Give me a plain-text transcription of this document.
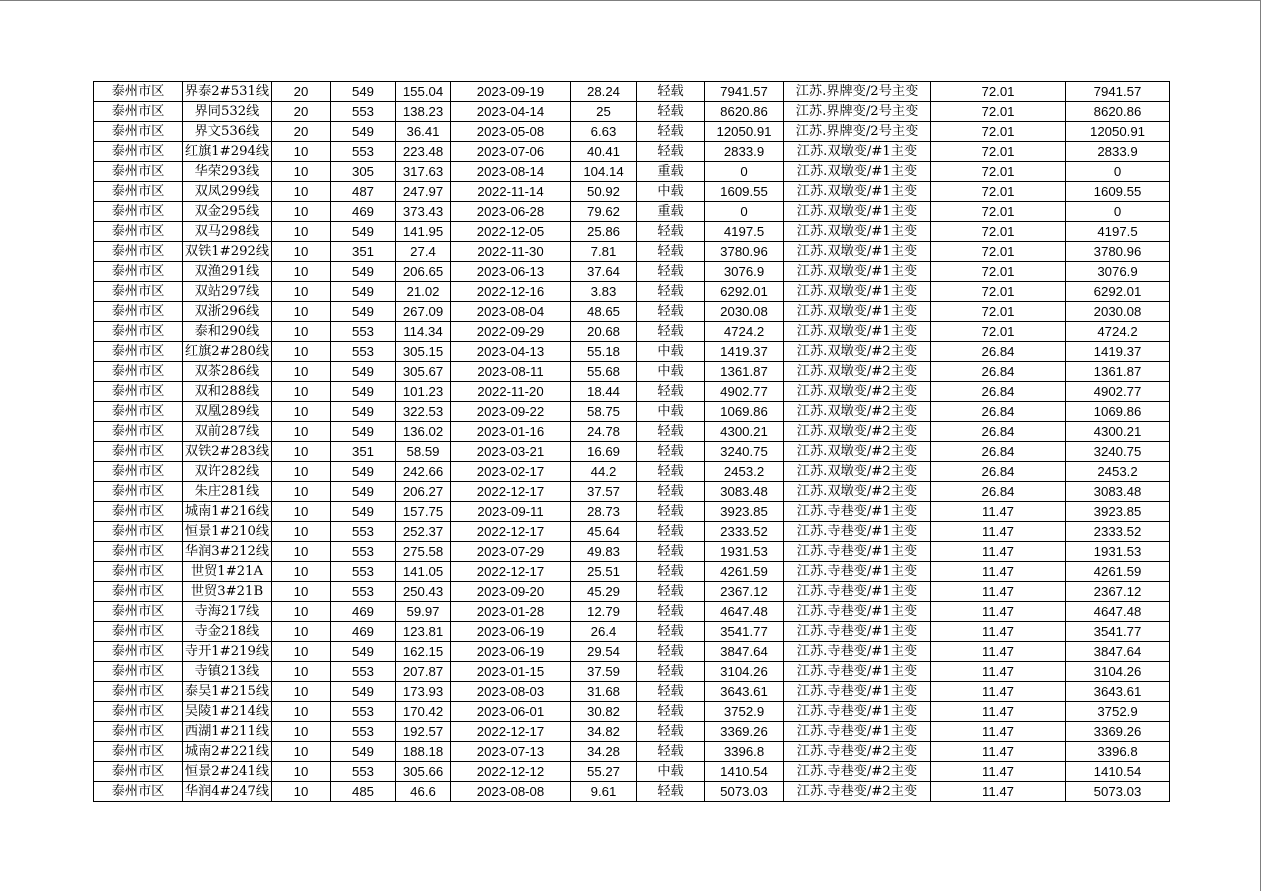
泰州市区	界泰2#531线	20	549	155.04	2023-09-19	28.24	轻载	7941.57	江苏.界牌变/2号主变	72.01	7941.57
泰州市区	界同532线	20	553	138.23	2023-04-14	25	轻载	8620.86	江苏.界牌变/2号主变	72.01	8620.86
泰州市区	界文536线	20	549	36.41	2023-05-08	6.63	轻载	12050.91	江苏.界牌变/2号主变	72.01	12050.91
泰州市区	红旗1#294线	10	553	223.48	2023-07-06	40.41	轻载	2833.9	江苏.双墩变/#1主变	72.01	2833.9
泰州市区	华荣293线	10	305	317.63	2023-08-14	104.14	重载	0	江苏.双墩变/#1主变	72.01	0
泰州市区	双凤299线	10	487	247.97	2022-11-14	50.92	中载	1609.55	江苏.双墩变/#1主变	72.01	1609.55
泰州市区	双金295线	10	469	373.43	2023-06-28	79.62	重载	0	江苏.双墩变/#1主变	72.01	0
泰州市区	双马298线	10	549	141.95	2022-12-05	25.86	轻载	4197.5	江苏.双墩变/#1主变	72.01	4197.5
泰州市区	双铁1#292线	10	351	27.4	2022-11-30	7.81	轻载	3780.96	江苏.双墩变/#1主变	72.01	3780.96
泰州市区	双渔291线	10	549	206.65	2023-06-13	37.64	轻载	3076.9	江苏.双墩变/#1主变	72.01	3076.9
泰州市区	双站297线	10	549	21.02	2022-12-16	3.83	轻载	6292.01	江苏.双墩变/#1主变	72.01	6292.01
泰州市区	双浙296线	10	549	267.09	2023-08-04	48.65	轻载	2030.08	江苏.双墩变/#1主变	72.01	2030.08
泰州市区	泰和290线	10	553	114.34	2022-09-29	20.68	轻载	4724.2	江苏.双墩变/#1主变	72.01	4724.2
泰州市区	红旗2#280线	10	553	305.15	2023-04-13	55.18	中载	1419.37	江苏.双墩变/#2主变	26.84	1419.37
泰州市区	双茶286线	10	549	305.67	2023-08-11	55.68	中载	1361.87	江苏.双墩变/#2主变	26.84	1361.87
泰州市区	双和288线	10	549	101.23	2022-11-20	18.44	轻载	4902.77	江苏.双墩变/#2主变	26.84	4902.77
泰州市区	双凰289线	10	549	322.53	2023-09-22	58.75	中载	1069.86	江苏.双墩变/#2主变	26.84	1069.86
泰州市区	双前287线	10	549	136.02	2023-01-16	24.78	轻载	4300.21	江苏.双墩变/#2主变	26.84	4300.21
泰州市区	双铁2#283线	10	351	58.59	2023-03-21	16.69	轻载	3240.75	江苏.双墩变/#2主变	26.84	3240.75
泰州市区	双许282线	10	549	242.66	2023-02-17	44.2	轻载	2453.2	江苏.双墩变/#2主变	26.84	2453.2
泰州市区	朱庄281线	10	549	206.27	2022-12-17	37.57	轻载	3083.48	江苏.双墩变/#2主变	26.84	3083.48
泰州市区	城南1#216线	10	549	157.75	2023-09-11	28.73	轻载	3923.85	江苏.寺巷变/#1主变	11.47	3923.85
泰州市区	恒景1#210线	10	553	252.37	2022-12-17	45.64	轻载	2333.52	江苏.寺巷变/#1主变	11.47	2333.52
泰州市区	华润3#212线	10	553	275.58	2023-07-29	49.83	轻载	1931.53	江苏.寺巷变/#1主变	11.47	1931.53
泰州市区	世贸1#21A	10	553	141.05	2022-12-17	25.51	轻载	4261.59	江苏.寺巷变/#1主变	11.47	4261.59
泰州市区	世贸3#21B	10	553	250.43	2023-09-20	45.29	轻载	2367.12	江苏.寺巷变/#1主变	11.47	2367.12
泰州市区	寺海217线	10	469	59.97	2023-01-28	12.79	轻载	4647.48	江苏.寺巷变/#1主变	11.47	4647.48
泰州市区	寺金218线	10	469	123.81	2023-06-19	26.4	轻载	3541.77	江苏.寺巷变/#1主变	11.47	3541.77
泰州市区	寺开1#219线	10	549	162.15	2023-06-19	29.54	轻载	3847.64	江苏.寺巷变/#1主变	11.47	3847.64
泰州市区	寺镇213线	10	553	207.87	2023-01-15	37.59	轻载	3104.26	江苏.寺巷变/#1主变	11.47	3104.26
泰州市区	泰吴1#215线	10	549	173.93	2023-08-03	31.68	轻载	3643.61	江苏.寺巷变/#1主变	11.47	3643.61
泰州市区	吴陵1#214线	10	553	170.42	2023-06-01	30.82	轻载	3752.9	江苏.寺巷变/#1主变	11.47	3752.9
泰州市区	西湖1#211线	10	553	192.57	2022-12-17	34.82	轻载	3369.26	江苏.寺巷变/#1主变	11.47	3369.26
泰州市区	城南2#221线	10	549	188.18	2023-07-13	34.28	轻载	3396.8	江苏.寺巷变/#2主变	11.47	3396.8
泰州市区	恒景2#241线	10	553	305.66	2022-12-12	55.27	中载	1410.54	江苏.寺巷变/#2主变	11.47	1410.54
泰州市区	华润4#247线	10	485	46.6	2023-08-08	9.61	轻载	5073.03	江苏.寺巷变/#2主变	11.47	5073.03
